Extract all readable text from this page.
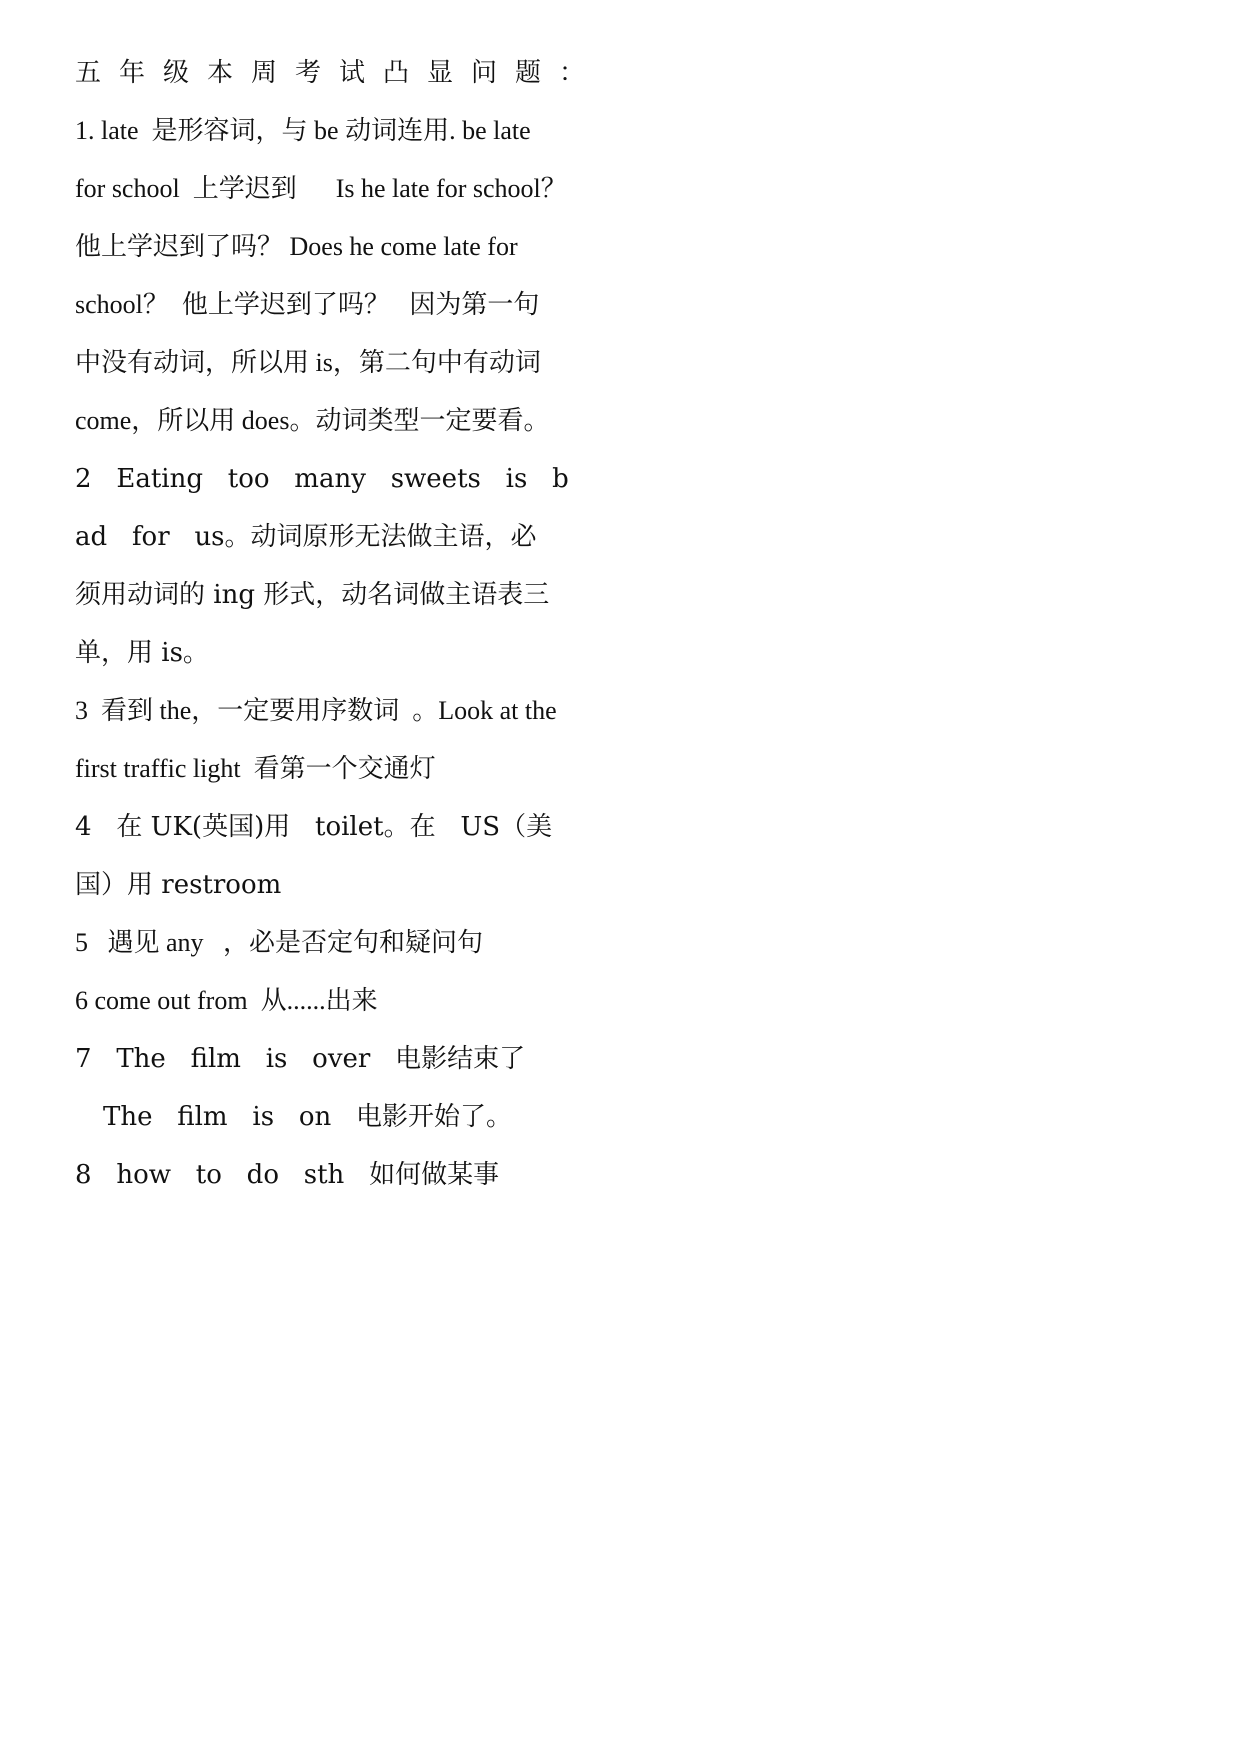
五年级本周考试凸显问题：
1. late  是形容词，与 be 动词连用. be late
for school  上学迟到      Is he late for school？
他上学迟到了吗？ Does he come late for
school？  他上学迟到了吗？   因为第一句
中没有动词，所以用 is，第二句中有动词
come，所以用 does。动词类型一定要看。
2   Eating   too   many   sweets   is   b
ad   for   us。动词原形无法做主语，必
须用动词的 ing 形式，动名词做主语表三
单，用 is。
3  看到 the，一定要用序数词  。Look at the
first traffic light  看第一个交通灯
4   在 UK(英国)用   toilet。在   US（美
国）用 restroom
5   遇见 any   ，必是否定句和疑问句
6 come out from  从......出来
7   The   film   is   over   电影结束了
The   film   is   on   电影开始了。
8   how   to   do   sth   如何做某事
